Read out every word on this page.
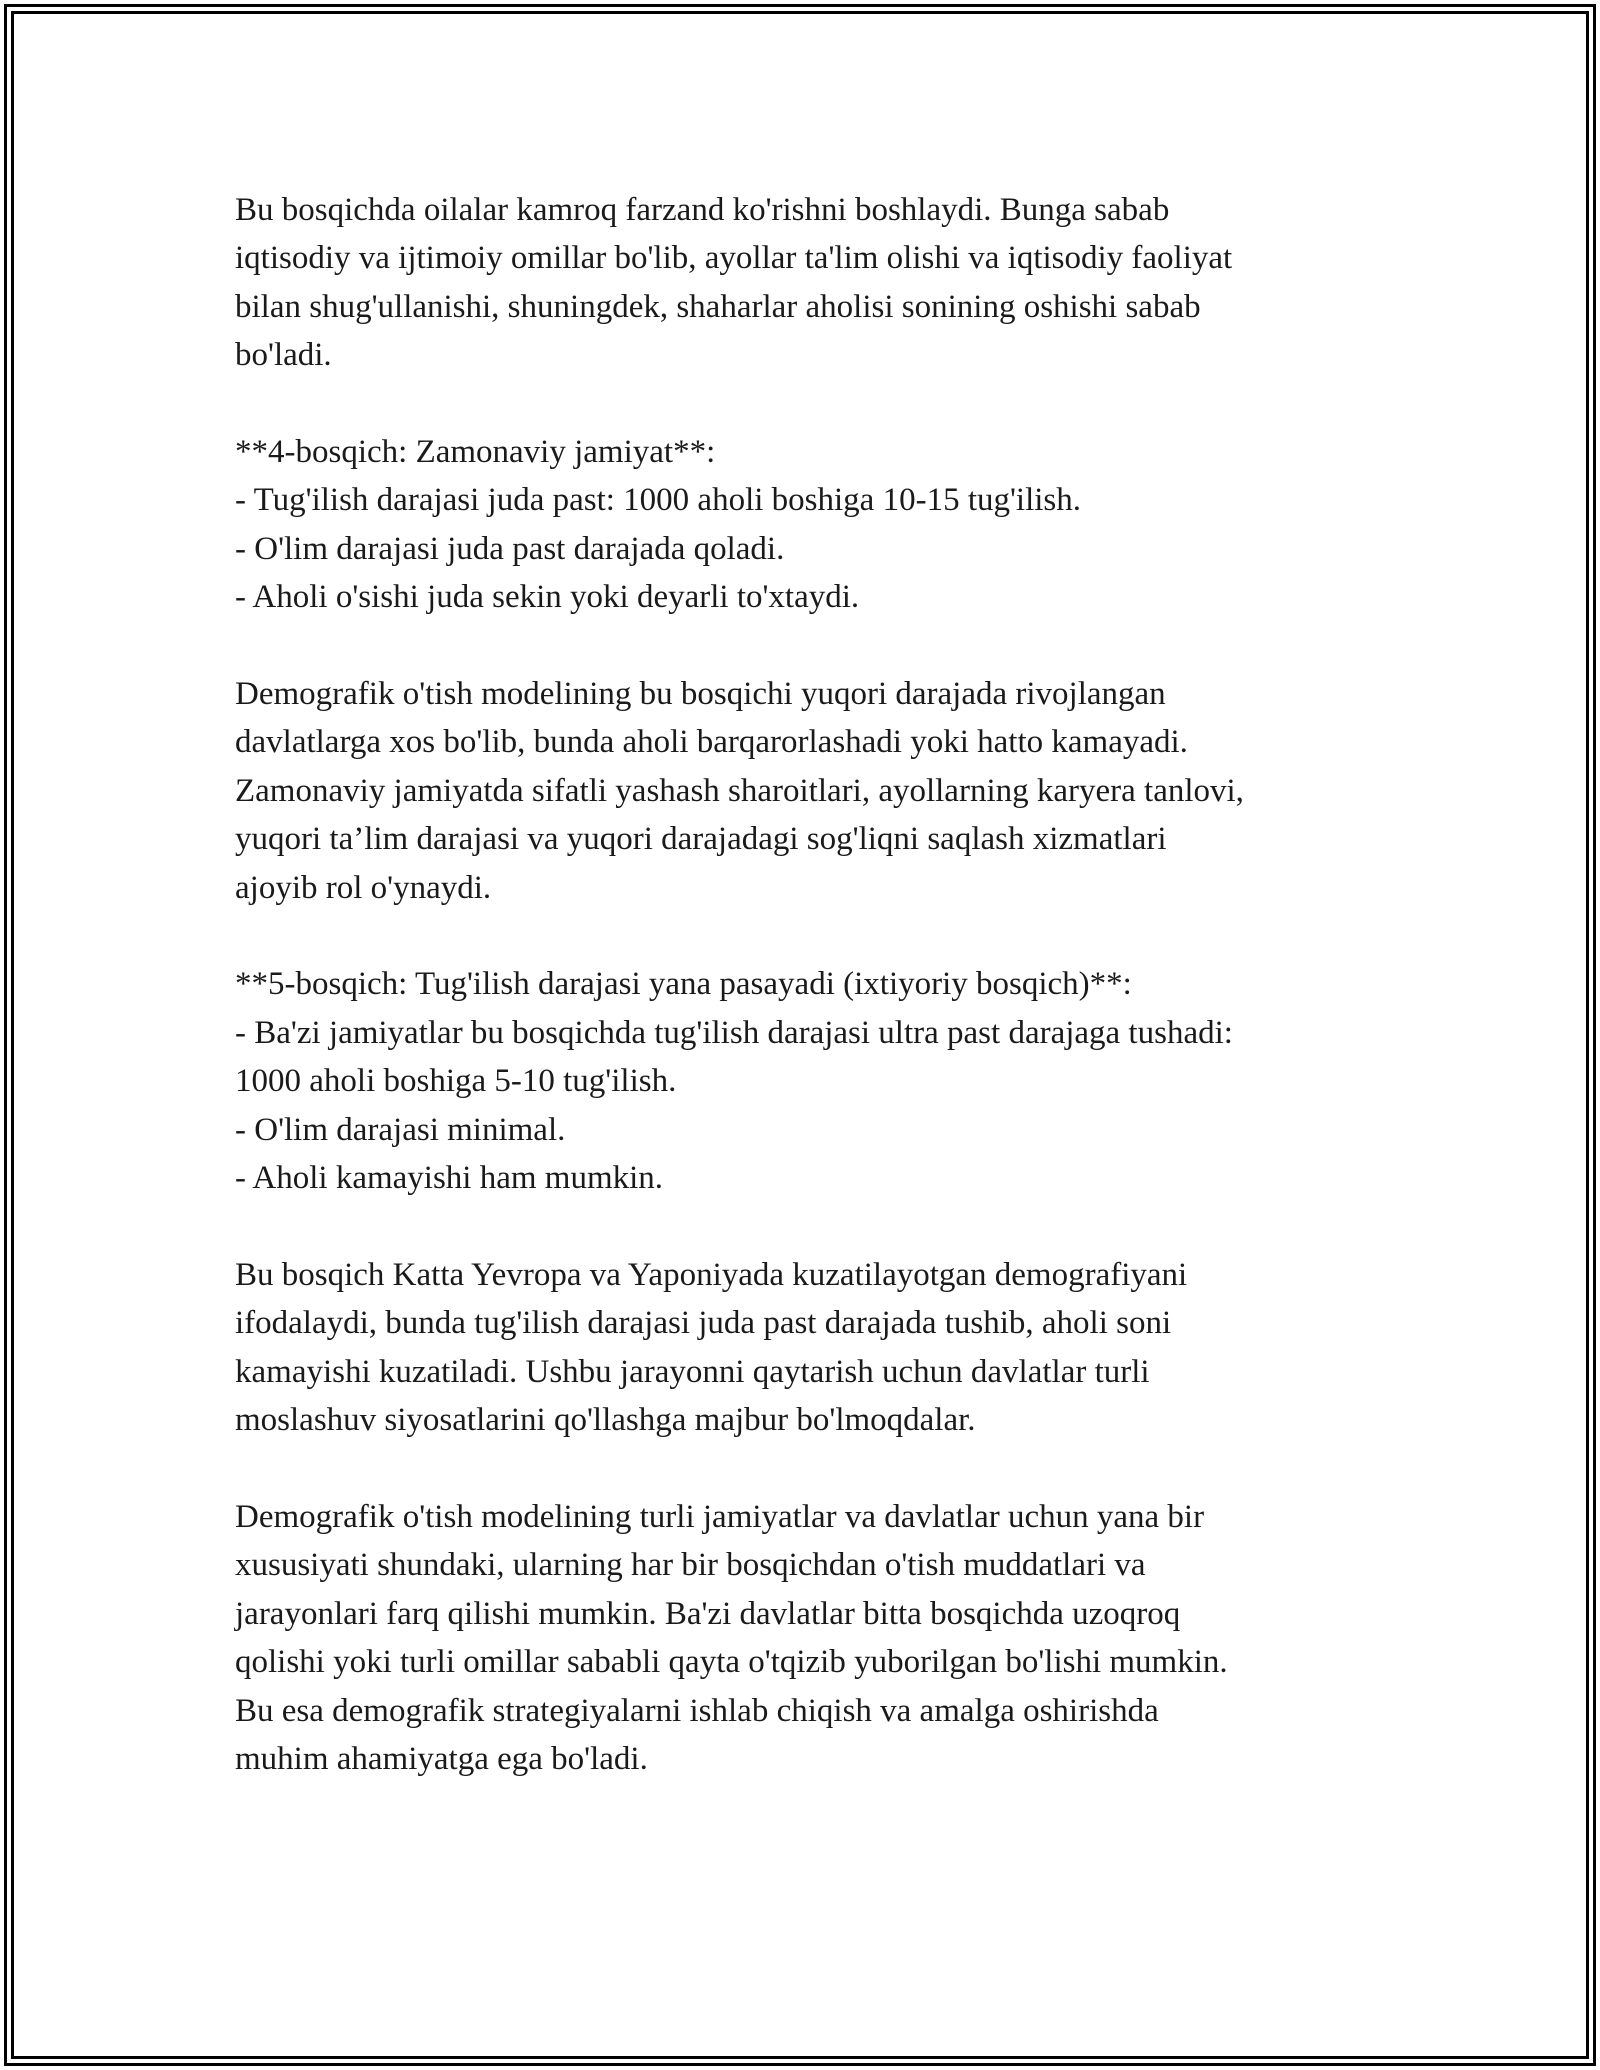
Bu bosqichda oilalar kamroq farzand ko'rishni boshlaydi. Bunga sabab
iqtisodiy va ijtimoiy omillar bo'lib, ayollar ta'lim olishi va iqtisodiy faoliyat
bilan shug'ullanishi, shuningdek, shaharlar aholisi sonining oshishi sabab
bo'ladi.
**4-bosqich: Zamonaviy jamiyat**:
- Tug'ilish darajasi juda past: 1000 aholi boshiga 10-15 tug'ilish.
- O'lim darajasi juda past darajada qoladi.
- Aholi o'sishi juda sekin yoki deyarli to'xtaydi.
Demografik o'tish modelining bu bosqichi yuqori darajada rivojlangan
davlatlarga xos bo'lib, bunda aholi barqarorlashadi yoki hatto kamayadi.
Zamonaviy jamiyatda sifatli yashash sharoitlari, ayollarning karyera tanlovi,
yuqori ta’lim darajasi va yuqori darajadagi sog'liqni saqlash xizmatlari
ajoyib rol o'ynaydi.
**5-bosqich: Tug'ilish darajasi yana pasayadi (ixtiyoriy bosqich)**:
- Ba'zi jamiyatlar bu bosqichda tug'ilish darajasi ultra past darajaga tushadi:
1000 aholi boshiga 5-10 tug'ilish.
- O'lim darajasi minimal.
- Aholi kamayishi ham mumkin.
Bu bosqich Katta Yevropa va Yaponiyada kuzatilayotgan demografiyani
ifodalaydi, bunda tug'ilish darajasi juda past darajada tushib, aholi soni
kamayishi kuzatiladi. Ushbu jarayonni qaytarish uchun davlatlar turli
moslashuv siyosatlarini qo'llashga majbur bo'lmoqdalar.
Demografik o'tish modelining turli jamiyatlar va davlatlar uchun yana bir
xususiyati shundaki, ularning har bir bosqichdan o'tish muddatlari va
jarayonlari farq qilishi mumkin. Ba'zi davlatlar bitta bosqichda uzoqroq
qolishi yoki turli omillar sababli qayta o'tqizib yuborilgan bo'lishi mumkin.
Bu esa demografik strategiyalarni ishlab chiqish va amalga oshirishda
muhim ahamiyatga ega bo'ladi.
